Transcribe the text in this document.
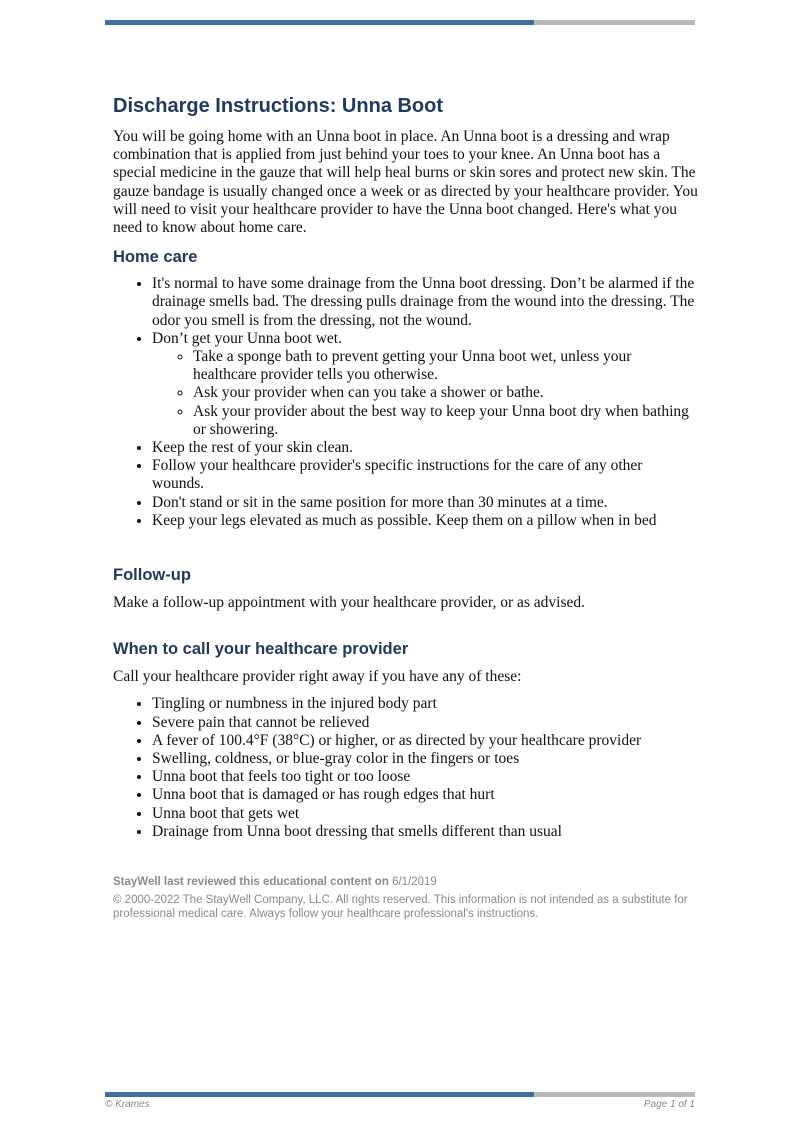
Discharge Instructions: Unna Boot

You will be going home with an Unna boot in place. An Unna boot is a dressing and wrap combination that is applied from just behind your toes to your knee. An Unna boot has a special medicine in the gauze that will help heal burns or skin sores and protect new skin. The gauze bandage is usually changed once a week or as directed by your healthcare provider. You will need to visit your healthcare provider to have the Unna boot changed. Here's what you need to know about home care.

Home care
• It's normal to have some drainage from the Unna boot dressing. Don’t be alarmed if the drainage smells bad. The dressing pulls drainage from the wound into the dressing. The odor you smell is from the dressing, not the wound.
• Don’t get your Unna boot wet.
◦ Take a sponge bath to prevent getting your Unna boot wet, unless your healthcare provider tells you otherwise.
◦ Ask your provider when can you take a shower or bathe.
◦ Ask your provider about the best way to keep your Unna boot dry when bathing or showering.
• Keep the rest of your skin clean.
• Follow your healthcare provider's specific instructions for the care of any other wounds.
• Don't stand or sit in the same position for more than 30 minutes at a time.
• Keep your legs elevated as much as possible. Keep them on a pillow when in bed
Follow-up

Make a follow-up appointment with your healthcare provider, or as advised.

When to call your healthcare provider

Call your healthcare provider right away if you have any of these:

• Tingling or numbness in the injured body part
• Severe pain that cannot be relieved
• A fever of 100.4°F (38°C) or higher, or as directed by your healthcare provider
• Swelling, coldness, or blue-gray color in the fingers or toes
• Unna boot that feels too tight or too loose
• Unna boot that is damaged or has rough edges that hurt
• Unna boot that gets wet
• Drainage from Unna boot dressing that smells different than usual
StayWell last reviewed this educational content on 6/1/2019
© 2000-2022 The StayWell Company, LLC. All rights reserved. This information is not intended as a substitute for professional medical care. Always follow your healthcare professional's instructions.
© Krames	Page 1 of 1
